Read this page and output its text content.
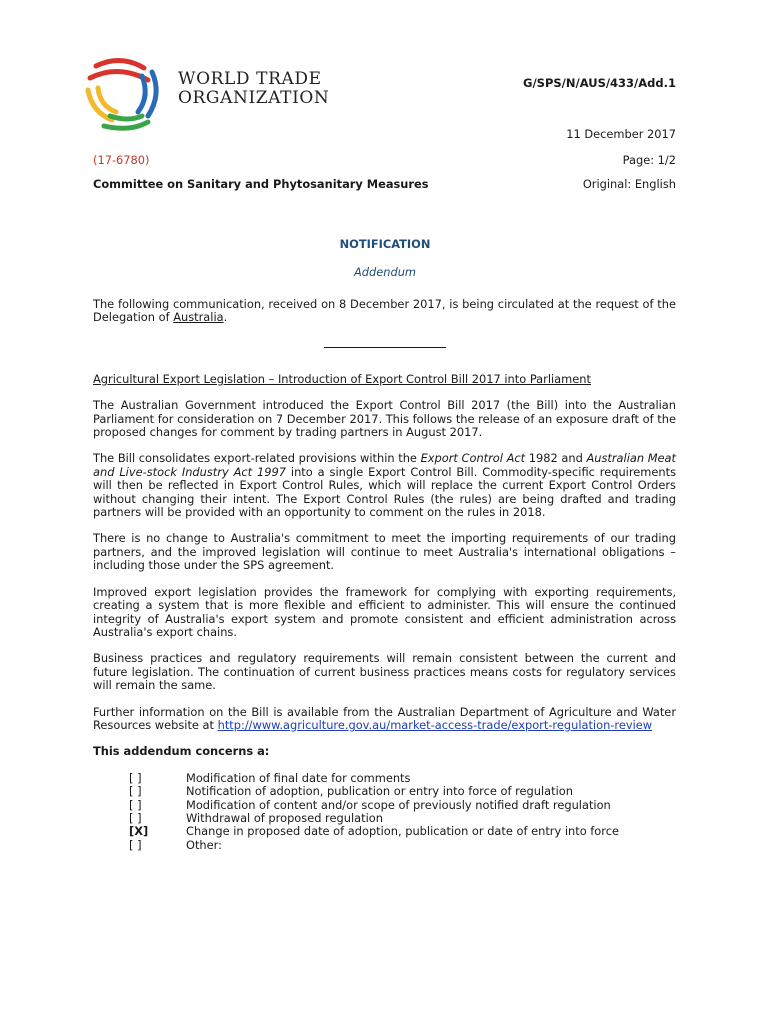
WORLD TRADE
ORGANIZATION
G/SPS/N/AUS/433/Add.1
11 December 2017
(17-6780)	Page: 1/2
Committee on Sanitary and Phytosanitary Measures	Original: English
NOTIFICATION
Addendum

The following communication, received on 8 December 2017, is being circulated at the request of the Delegation of Australia.

Agricultural Export Legislation – Introduction of Export Control Bill 2017 into Parliament

The Australian Government introduced the Export Control Bill 2017 (the Bill) into the Australian Parliament for consideration on 7 December 2017. This follows the release of an exposure draft of the proposed changes for comment by trading partners in August 2017.

The Bill consolidates export-related provisions within the Export Control Act 1982 and Australian Meat and Live-stock Industry Act 1997 into a single Export Control Bill. Commodity-specific requirements will then be reflected in Export Control Rules, which will replace the current Export Control Orders without changing their intent. The Export Control Rules (the rules) are being drafted and trading partners will be provided with an opportunity to comment on the rules in 2018.

There is no change to Australia's commitment to meet the importing requirements of our trading partners, and the improved legislation will continue to meet Australia's international obligations – including those under the SPS agreement.

Improved export legislation provides the framework for complying with exporting requirements, creating a system that is more flexible and efficient to administer. This will ensure the continued integrity of Australia's export system and promote consistent and efficient administration across Australia's export chains.

Business practices and regulatory requirements will remain consistent between the current and future legislation. The continuation of current business practices means costs for regulatory services will remain the same.

Further information on the Bill is available from the Australian Department of Agriculture and Water Resources website at http://www.agriculture.gov.au/market-access-trade/export-regulation-review

This addendum concerns a:

[ ]	Modification of final date for comments
[ ]	Notification of adoption, publication or entry into force of regulation
[ ]	Modification of content and/or scope of previously notified draft regulation
[ ]	Withdrawal of proposed regulation
[X]	Change in proposed date of adoption, publication or date of entry into force
[ ]	Other:
